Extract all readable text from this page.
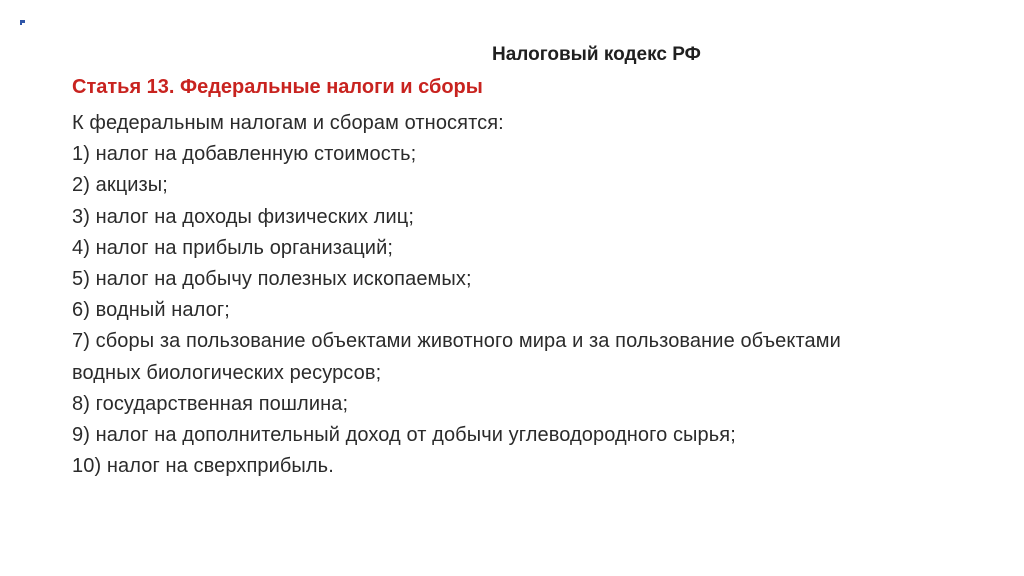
Налоговый кодекс РФ
Статья 13. Федеральные налоги и сборы
К федеральным налогам и сборам относятся:
1) налог на добавленную стоимость;
2) акцизы;
3) налог на доходы физических лиц;
4) налог на прибыль организаций;
5) налог на добычу полезных ископаемых;
6) водный налог;
7) сборы за пользование объектами животного мира и за пользование объектами
водных биологических ресурсов;
8) государственная пошлина;
9) налог на дополнительный доход от добычи углеводородного сырья;
10) налог на сверхприбыль.
